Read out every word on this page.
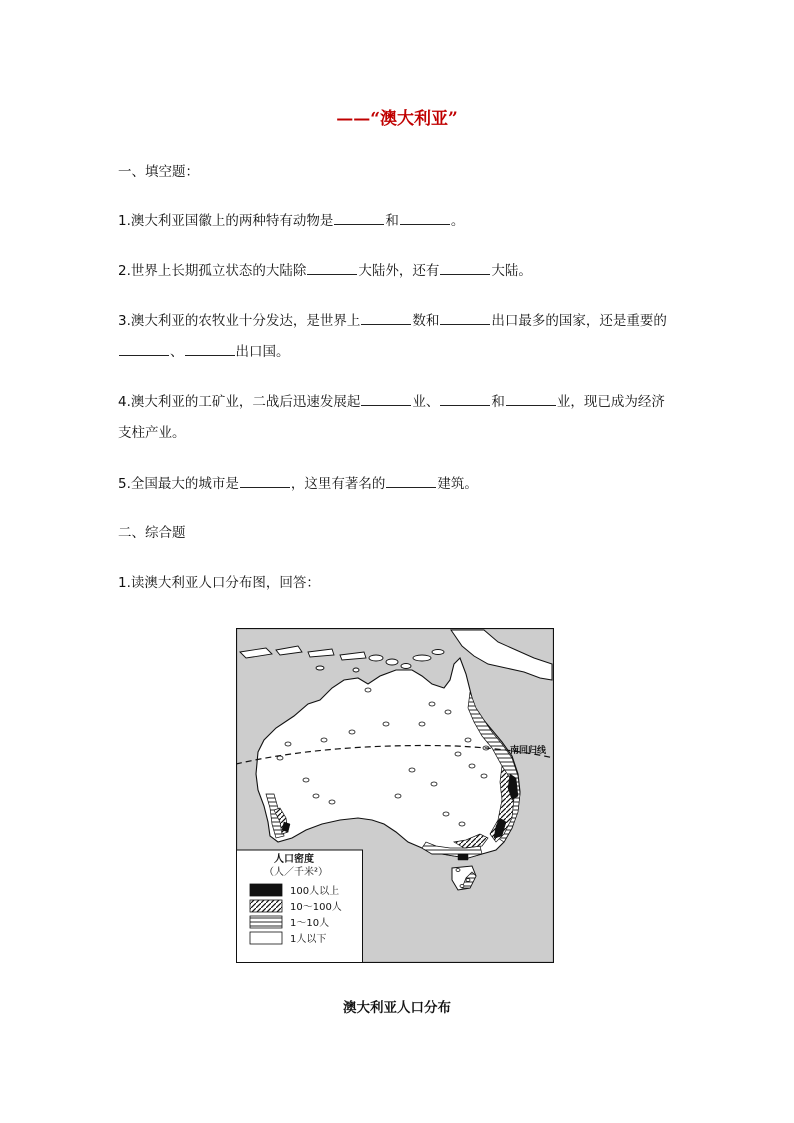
——“澳大利亚”

一、填空题：

1.澳大利亚国徽上的两种特有动物是	和	。

2.世界上长期孤立状态的大陆除	大陆外，还有	大陆。

3.澳大利亚的农牧业十分发达，是世界上	数和	出口最多的国家，还是重要的、	出口国。

4.澳大利亚的工矿业，二战后迅速发展起	业、	和	业，现已成为经济支柱产业。

5.全国最大的城市是	，这里有著名的	建筑。

二、综合题

1.读澳大利亚人口分布图，回答：

南回归线
人口密度
（人／千米²）
100人以上
10～100人
1～10人
1人以下
澳大利亚人口分布
